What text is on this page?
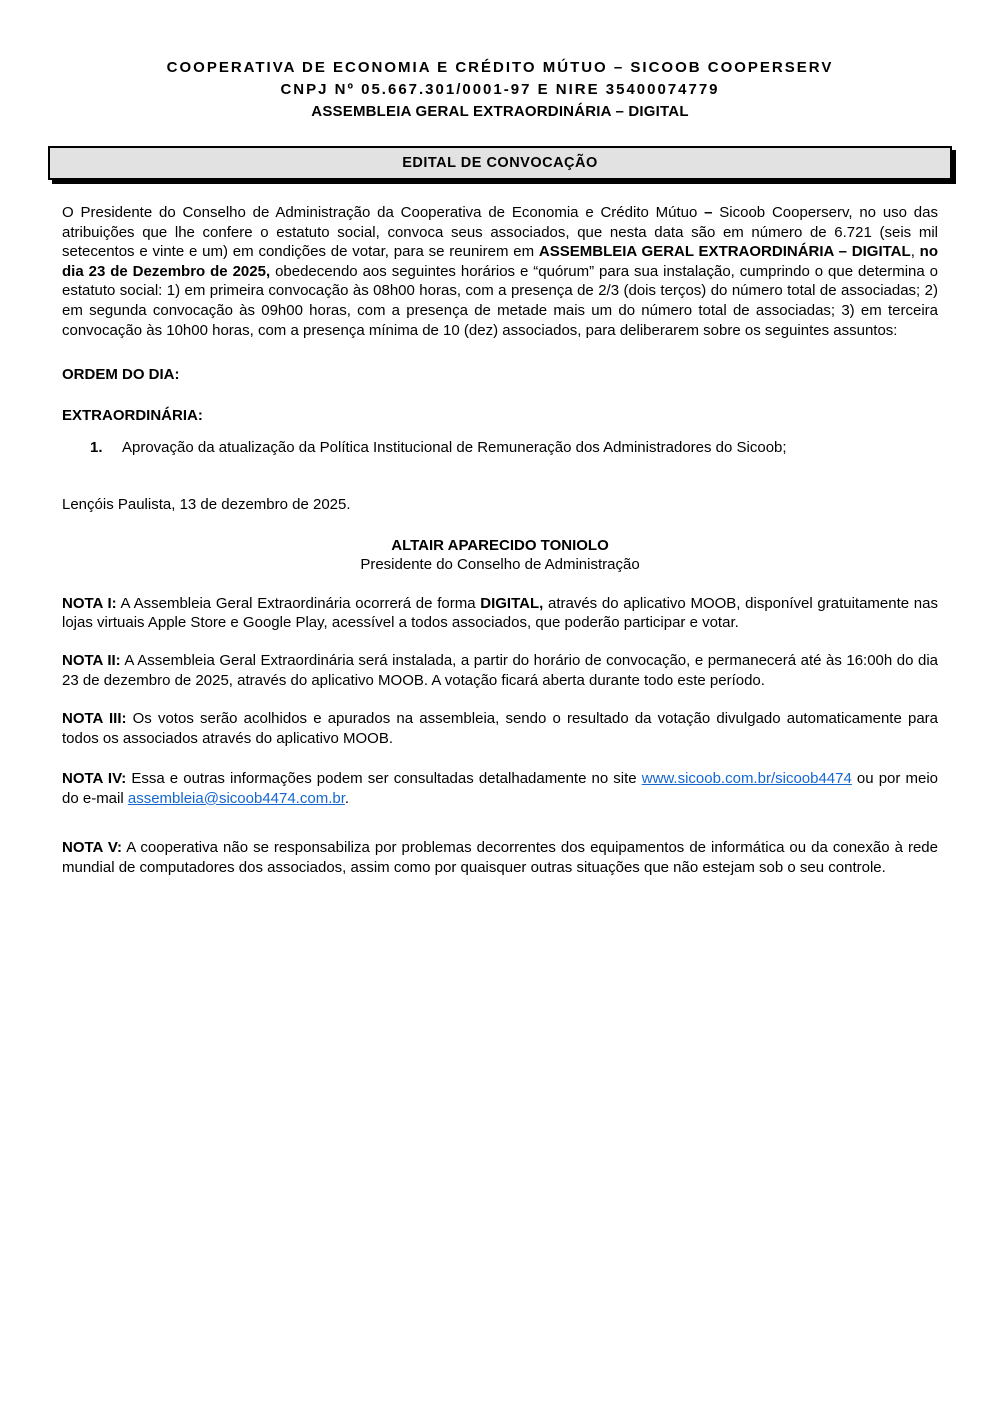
COOPERATIVA DE ECONOMIA E CRÉDITO MÚTUO – SICOOB COOPERSERV
CNPJ Nº 05.667.301/0001-97 E NIRE 35400074779
ASSEMBLEIA GERAL EXTRAORDINÁRIA – DIGITAL
EDITAL DE CONVOCAÇÃO

O Presidente do Conselho de Administração da Cooperativa de Economia e Crédito Mútuo – Sicoob Cooperserv, no uso das atribuições que lhe confere o estatuto social, convoca seus associados, que nesta data são em número de 6.721 (seis mil setecentos e vinte e um) em condições de votar, para se reunirem em ASSEMBLEIA GERAL EXTRAORDINÁRIA – DIGITAL, no dia 23 de Dezembro de 2025, obedecendo aos seguintes horários e “quórum” para sua instalação, cumprindo o que determina o estatuto social: 1) em primeira convocação às 08h00 horas, com a presença de 2/3 (dois terços) do número total de associadas; 2) em segunda convocação às 09h00 horas, com a presença de metade mais um do número total de associadas; 3) em terceira convocação às 10h00 horas, com a presença mínima de 10 (dez) associados, para deliberarem sobre os seguintes assuntos:

ORDEM DO DIA:

EXTRAORDINÁRIA:

1.	Aprovação da atualização da Política Institucional de Remuneração dos Administradores do Sicoob;

Lençóis Paulista, 13 de dezembro de 2025.

ALTAIR APARECIDO TONIOLO
Presidente do Conselho de Administração

NOTA I: A Assembleia Geral Extraordinária ocorrerá de forma DIGITAL, através do aplicativo MOOB, disponível gratuitamente nas lojas virtuais Apple Store e Google Play, acessível a todos associados, que poderão participar e votar.

NOTA II: A Assembleia Geral Extraordinária será instalada, a partir do horário de convocação, e permanecerá até às 16:00h do dia 23 de dezembro de 2025, através do aplicativo MOOB. A votação ficará aberta durante todo este período.

NOTA III: Os votos serão acolhidos e apurados na assembleia, sendo o resultado da votação divulgado automaticamente para todos os associados através do aplicativo MOOB.

NOTA IV: Essa e outras informações podem ser consultadas detalhadamente no site www.sicoob.com.br/sicoob4474 ou por meio do e-mail assembleia@sicoob4474.com.br.

NOTA V: A cooperativa não se responsabiliza por problemas decorrentes dos equipamentos de informática ou da conexão à rede mundial de computadores dos associados, assim como por quaisquer outras situações que não estejam sob o seu controle.
